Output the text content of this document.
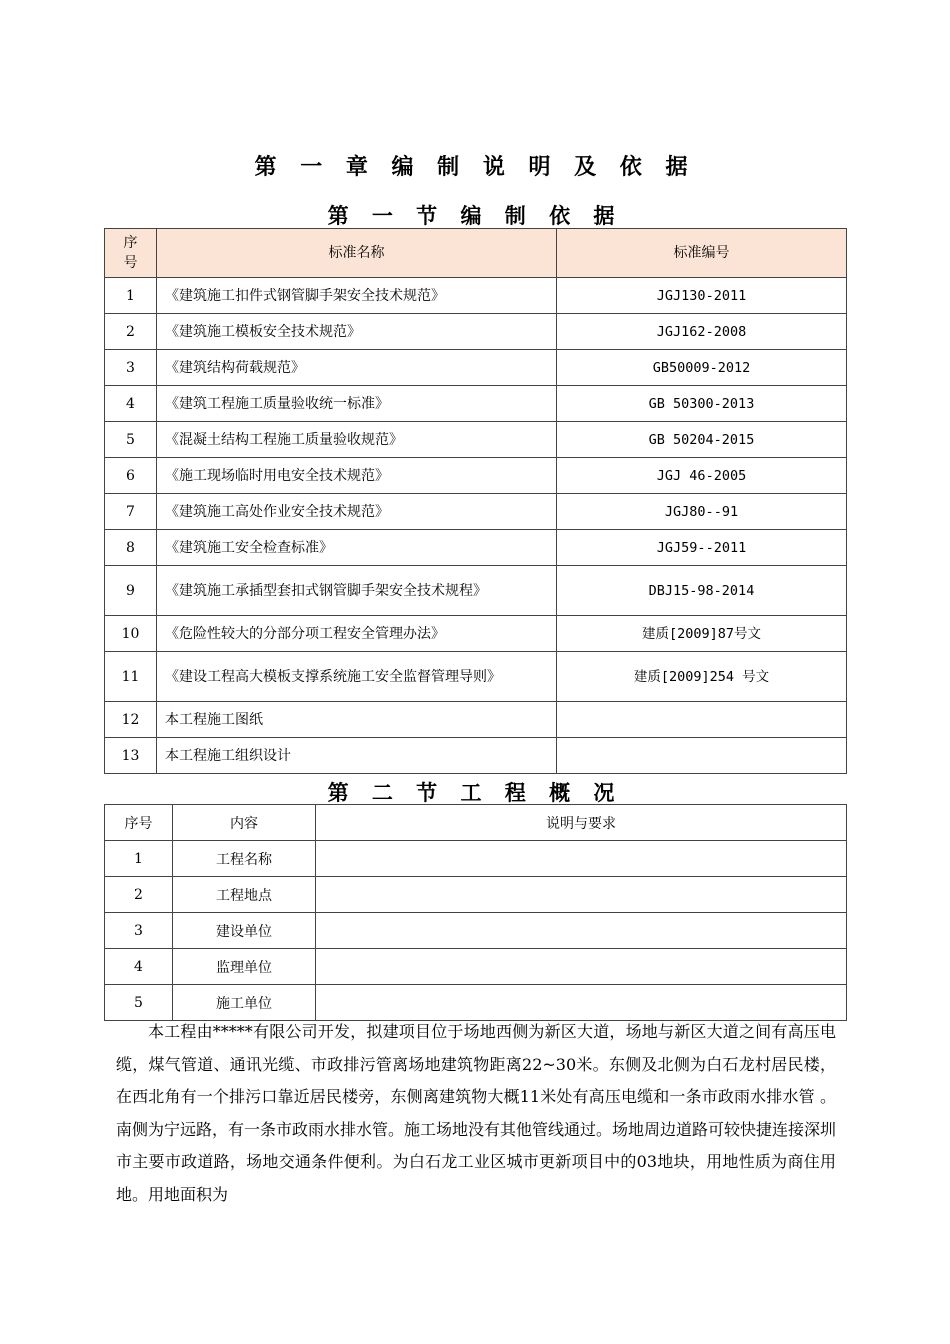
第 一 章 编 制 说 明 及 依 据
第 一 节 编 制 依 据
序号	标准名称	标准编号
1	《建筑施工扣件式钢管脚手架安全技术规范》	JGJ130-2011
2	《建筑施工模板安全技术规范》	JGJ162-2008
3	《建筑结构荷载规范》	GB50009-2012
4	《建筑工程施工质量验收统一标准》	GB 50300-2013
5	《混凝土结构工程施工质量验收规范》	GB 50204-2015
6	《施工现场临时用电安全技术规范》	JGJ 46-2005
7	《建筑施工高处作业安全技术规范》	JGJ80--91
8	《建筑施工安全检查标准》	JGJ59--2011
9	《建筑施工承插型套扣式钢管脚手架安全技术规程》	DBJ15-98-2014
10	《危险性较大的分部分项工程安全管理办法》	建质[2009]87号文
11	《建设工程高大模板支撑系统施工安全监督管理导则》	建质[2009]254 号文
12	本工程施工图纸	
13	本工程施工组织设计	
第 二 节 工 程 概 况
序号	内容	说明与要求
1	工程名称	
2	工程地点	
3	建设单位	
4	监理单位	
5	施工单位	
本工程由*****有限公司开发，拟建项目位于场地西侧为新区大道，场地与新区大道之间有高压电缆，煤气管道、通讯光缆、市政排污管离场地建筑物距离22~30米。东侧及北侧为白石龙村居民楼，在西北角有一个排污口靠近居民楼旁，东侧离建筑物大概11米处有高压电缆和一条市政雨水排水管 。南侧为宁远路，有一条市政雨水排水管。施工场地没有其他管线通过。场地周边道路可较快捷连接深圳市主要市政道路，场地交通条件便利。为白石龙工业区城市更新项目中的03地块，用地性质为商住用地。用地面积为
